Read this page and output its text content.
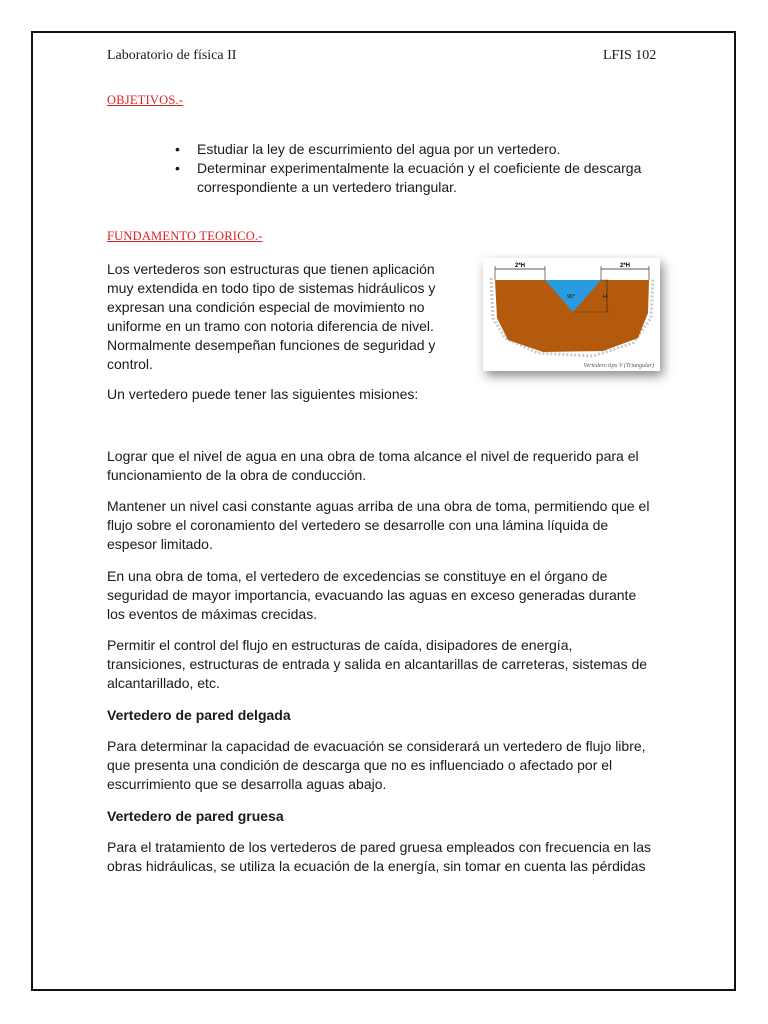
Laboratorio de física II	LFIS 102
OBJETIVOS.-
• Estudiar la ley de escurrimiento del agua por un vertedero.
• Determinar experimentalmente la ecuación y el coeficiente de descarga correspondiente a un vertedero triangular.
FUNDAMENTO TEORICO.-

Los vertederos son estructuras que tienen aplicación muy extendida en todo tipo de sistemas hidráulicos y expresan una condición especial de movimiento no uniforme en un tramo con notoria diferencia de nivel. Normalmente desempeñan funciones de seguridad y control.

2*H	2*H
90°	H
Vertedero tipo V (Triangular)

Un vertedero puede tener las siguientes misiones:

Lograr que el nivel de agua en una obra de toma alcance el nivel de requerido para el funcionamiento de la obra de conducción.

Mantener un nivel casi constante aguas arriba de una obra de toma, permitiendo que el flujo sobre el coronamiento del vertedero se desarrolle con una lámina líquida de espesor limitado.

En una obra de toma, el vertedero de excedencias se constituye en el órgano de seguridad de mayor importancia, evacuando las aguas en exceso generadas durante los eventos de máximas crecidas.

Permitir el control del flujo en estructuras de caída, disipadores de energía, transiciones, estructuras de entrada y salida en alcantarillas de carreteras, sistemas de alcantarillado, etc.

Vertedero de pared delgada

Para determinar la capacidad de evacuación se considerará un vertedero de flujo libre, que presenta una condición de descarga que no es influenciado o afectado por el escurrimiento que se desarrolla aguas abajo.

Vertedero de pared gruesa

Para el tratamiento de los vertederos de pared gruesa empleados con frecuencia en las obras hidráulicas, se utiliza la ecuación de la energía, sin tomar en cuenta las pérdidas
